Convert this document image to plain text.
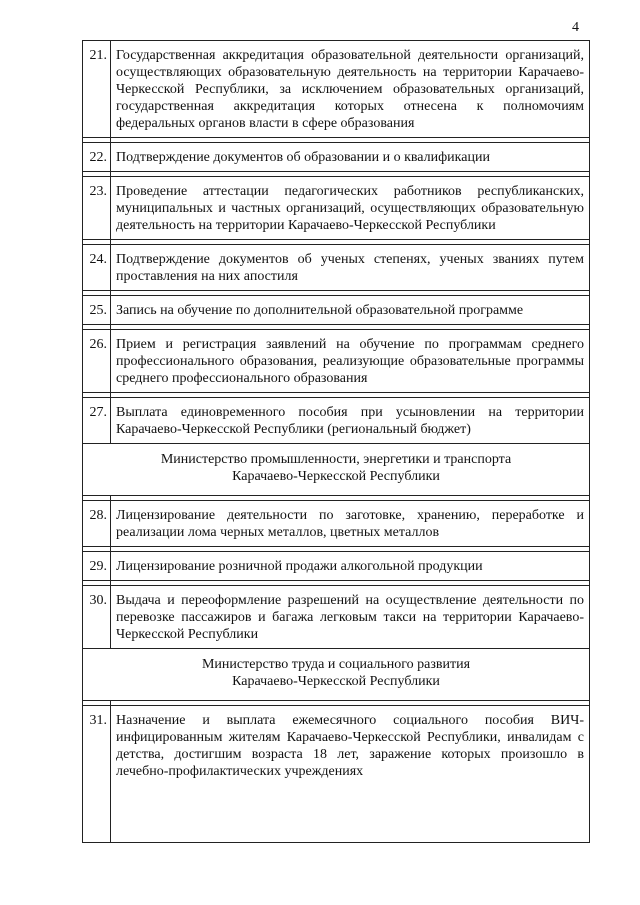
4
21.	Государственная аккредитация образовательной деятельности организаций, осуществляющих образовательную деятельность на территории Карачаево-Черкесской Республики, за исключением образовательных организаций, государственная аккредитация которых отнесена к полномочиям федеральных органов власти в сфере образования

22.	Подтверждение документов об образовании и о квалификации

23.	Проведение аттестации педагогических работников республиканских, муниципальных и частных организаций, осуществляющих образовательную деятельность на территории Карачаево-Черкесской Республики

24.	Подтверждение документов об ученых степенях, ученых званиях путем проставления на них апостиля

25.	Запись на обучение по дополнительной образовательной программе

26.	Прием и регистрация заявлений на обучение по программам среднего профессионального образования, реализующие образовательные программы среднего профессионального образования

27.	Выплата единовременного пособия при усыновлении на территории Карачаево-Черкесской Республики (региональный бюджет)

Министерство промышленности, энергетики и транспорта
Карачаево-Черкесской Республики	

28.	Лицензирование деятельности по заготовке, хранению, переработке и реализации лома черных металлов, цветных металлов

29.	Лицензирование розничной продажи алкогольной продукции

30.	Выдача и переоформление разрешений на осуществление деятельности по перевозке пассажиров и багажа легковым такси на территории Карачаево-Черкесской Республики

Министерство труда и социального развития
Карачаево-Черкесской Республики	

31.	Назначение и выплата ежемесячного социального пособия ВИЧ-инфицированным жителям Карачаево-Черкесской Республики, инвалидам с детства, достигшим возраста 18 лет, заражение которых произошло в лечебно-профилактических учреждениях
